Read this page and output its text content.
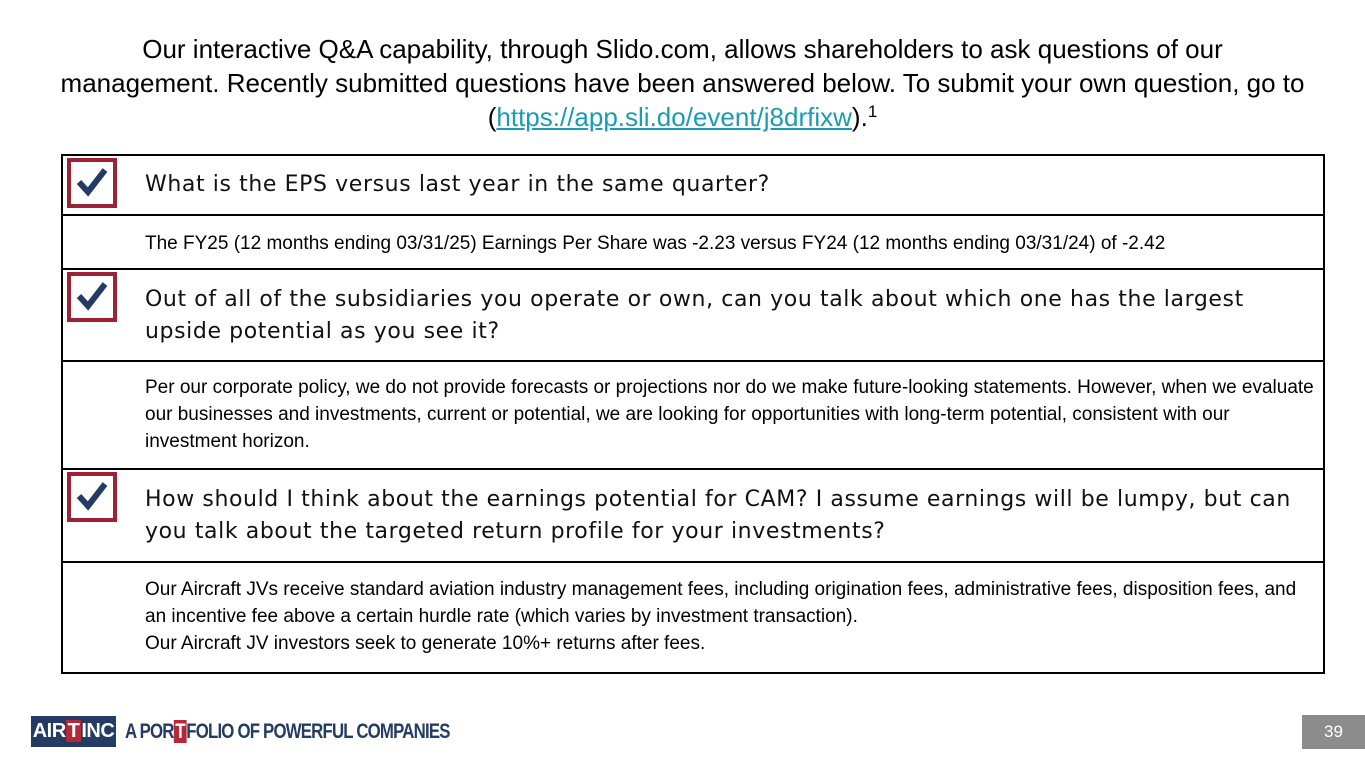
Our interactive Q&A capability, through Slido.com, allows shareholders to ask questions of our management. Recently submitted questions have been answered below. To submit your own question, go to (https://app.sli.do/event/j8drfixw).$^1$
What is the EPS versus last year in the same quarter?
The FY25 (12 months ending 03/31/25) Earnings Per Share was -2.23 versus FY24 (12 months ending 03/31/24) of -2.42
Out of all of the subsidiaries you operate or own, can you talk about which one has the largest upside potential as you see it?
Per our corporate policy, we do not provide forecasts or projections nor do we make future-looking statements. However, when we evaluate our businesses and investments, current or potential, we are looking for opportunities with long-term potential, consistent with our investment horizon.
How should I think about the earnings potential for CAM? I assume earnings will be lumpy, but can you talk about the targeted return profile for your investments?
Our Aircraft JVs receive standard aviation industry management fees, including origination fees, administrative fees, disposition fees, and an incentive fee above a certain hurdle rate (which varies by investment transaction).
Our Aircraft JV investors seek to generate 10%+ returns after fees.
AIR T INC A PORTFOLIO OF POWERFUL COMPANIES	39
